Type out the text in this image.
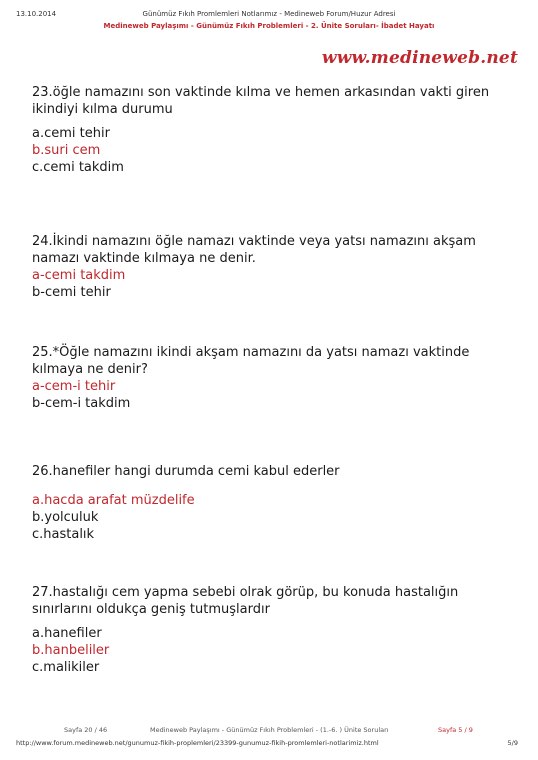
13.10.2014	Günümüz Fıkıh Promlemleri Notlarımız - Medineweb Forum/Huzur Adresi
Medineweb Paylaşımı - Günümüz Fıkıh Problemleri - 2. Ünite Soruları- İbadet Hayatı
www.medineweb.net

23.öğle namazını son vaktinde kılma ve hemen arkasından vakti giren ikindiyi kılma durumu

a.cemi tehir

b.suri cem

c.cemi takdim

24.İkindi namazını öğle namazı vaktinde veya yatsı namazını akşam namazı vaktinde kılmaya ne denir.

a-cemi takdim

b-cemi tehir

25.*Öğle namazını ikindi akşam namazını da yatsı namazı vaktinde kılmaya ne denir?

a-cem-i tehir

b-cem-i takdim

26.hanefiler hangi durumda cemi kabul ederler

a.hacda arafat müzdelife

b.yolculuk

c.hastalık

27.hastalığı cem yapma sebebi olrak görüp, bu konuda hastalığın sınırlarını oldukça geniş tutmuşlardır

a.hanefiler

b.hanbeliler

c.malikiler

Sayfa 20 / 46	Medineweb Paylaşımı - Günümüz Fıkıh Problemleri - (1.-6. ) Ünite Soruları	Sayfa 5 / 9
http://www.forum.medineweb.net/gunumuz-fikih-proplemleri/23399-gunumuz-fikih-promlemleri-notlarimiz.html	5/9
